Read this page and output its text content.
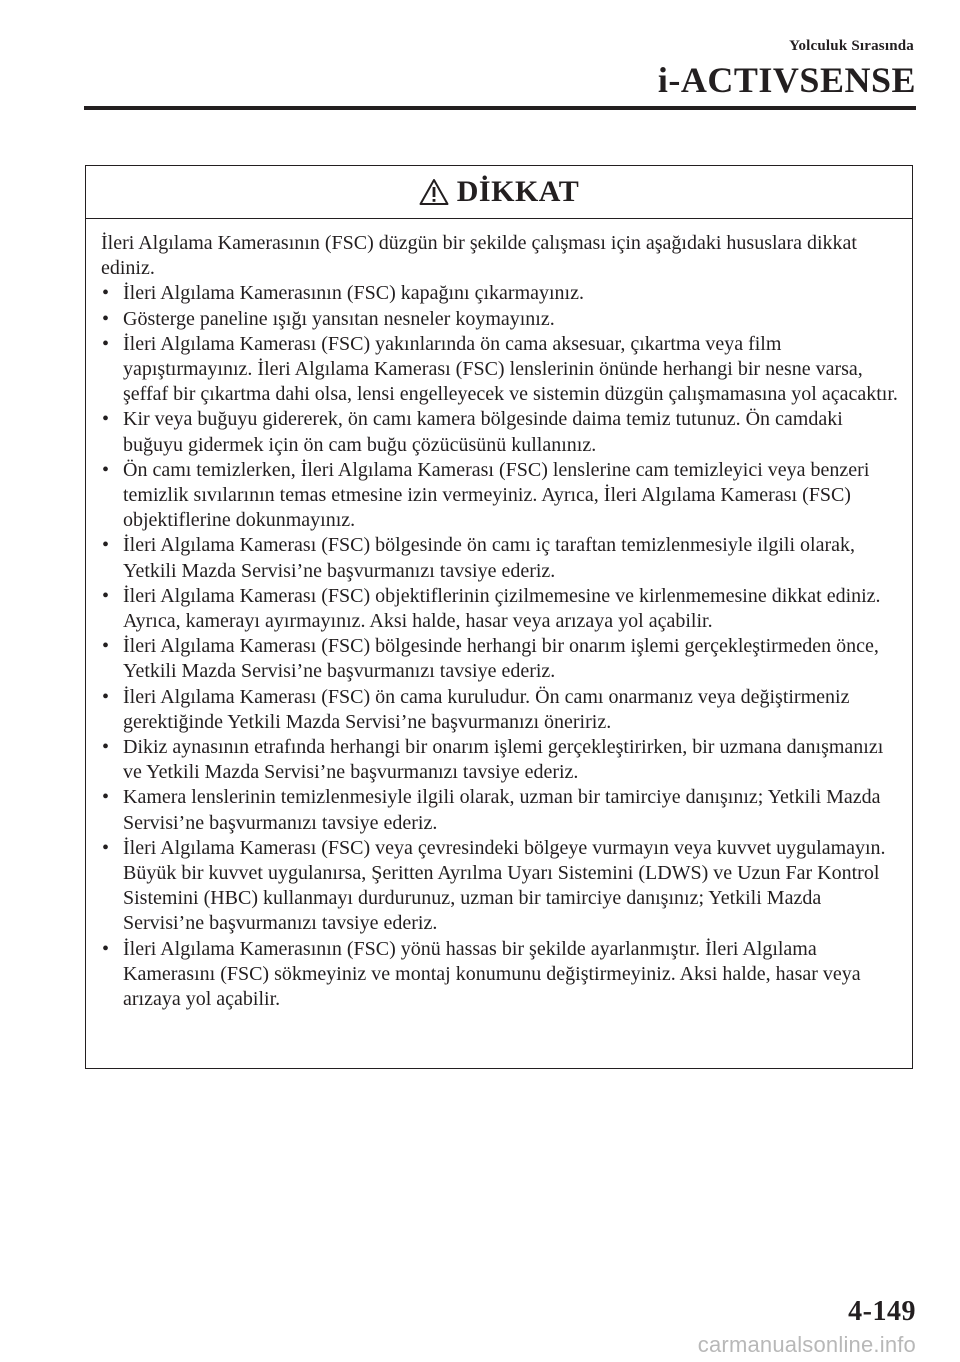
Yolculuk Sırasında
i-ACTIVSENSE
DİKKAT

İleri Algılama Kamerasının (FSC) düzgün bir şekilde çalışması için aşağıdaki hususlara dikkat ediniz.

• İleri Algılama Kamerasının (FSC) kapağını çıkarmayınız.
• Gösterge paneline ışığı yansıtan nesneler koymayınız.
• İleri Algılama Kamerası (FSC) yakınlarında ön cama aksesuar, çıkartma veya film yapıştırmayınız. İleri Algılama Kamerası (FSC) lenslerinin önünde herhangi bir nesne varsa, şeffaf bir çıkartma dahi olsa, lensi engelleyecek ve sistemin düzgün çalışmamasına yol açacaktır.
• Kir veya buğuyu gidererek, ön camı kamera bölgesinde daima temiz tutunuz. Ön camdaki buğuyu gidermek için ön cam buğu çözücüsünü kullanınız.
• Ön camı temizlerken, İleri Algılama Kamerası (FSC) lenslerine cam temizleyici veya benzeri temizlik sıvılarının temas etmesine izin vermeyiniz. Ayrıca, İleri Algılama Kamerası (FSC) objektiflerine dokunmayınız.
• İleri Algılama Kamerası (FSC) bölgesinde ön camı iç taraftan temizlenmesiyle ilgili olarak, Yetkili Mazda Servisi’ne başvurmanızı tavsiye ederiz.
• İleri Algılama Kamerası (FSC) objektiflerinin çizilmemesine ve kirlenmemesine dikkat ediniz. Ayrıca, kamerayı ayırmayınız. Aksi halde, hasar veya arızaya yol açabilir.
• İleri Algılama Kamerası (FSC) bölgesinde herhangi bir onarım işlemi gerçekleştirmeden önce, Yetkili Mazda Servisi’ne başvurmanızı tavsiye ederiz.
• İleri Algılama Kamerası (FSC) ön cama kuruludur. Ön camı onarmanız veya değiştirmeniz gerektiğinde Yetkili Mazda Servisi’ne başvurmanızı öneririz.
• Dikiz aynasının etrafında herhangi bir onarım işlemi gerçekleştirirken, bir uzmana danışmanızı ve Yetkili Mazda Servisi’ne başvurmanızı tavsiye ederiz.
• Kamera lenslerinin temizlenmesiyle ilgili olarak, uzman bir tamirciye danışınız; Yetkili Mazda Servisi’ne başvurmanızı tavsiye ederiz.
• İleri Algılama Kamerası (FSC) veya çevresindeki bölgeye vurmayın veya kuvvet uygulamayın. Büyük bir kuvvet uygulanırsa, Şeritten Ayrılma Uyarı Sistemini (LDWS) ve Uzun Far Kontrol Sistemini (HBC) kullanmayı durdurunuz, uzman bir tamirciye danışınız; Yetkili Mazda Servisi’ne başvurmanızı tavsiye ederiz.
• İleri Algılama Kamerasının (FSC) yönü hassas bir şekilde ayarlanmıştır. İleri Algılama Kamerasını (FSC) sökmeyiniz ve montaj konumunu değiştirmeyiniz. Aksi halde, hasar veya arızaya yol açabilir.
4-149
carmanualsonline.info
